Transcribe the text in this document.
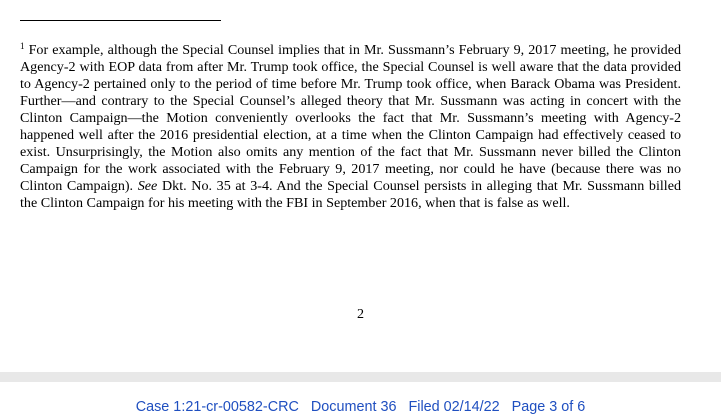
$^1$ For example, although the Special Counsel implies that in Mr. Sussmann’s February 9, 2017 meeting, he provided Agency-2 with EOP data from after Mr. Trump took office, the Special Counsel is well aware that the data provided to Agency-2 pertained only to the period of time before Mr. Trump took office, when Barack Obama was President. Further—and contrary to the Special Counsel’s alleged theory that Mr. Sussmann was acting in concert with the Clinton Campaign—the Motion conveniently overlooks the fact that Mr. Sussmann’s meeting with Agency-2 happened well after the 2016 presidential election, at a time when the Clinton Campaign had effectively ceased to exist. Unsurprisingly, the Motion also omits any mention of the fact that Mr. Sussmann never billed the Clinton Campaign for the work associated with the February 9, 2017 meeting, nor could he have (because there was no Clinton Campaign). See Dkt. No. 35 at 3-4. And the Special Counsel persists in alleging that Mr. Sussmann billed the Clinton Campaign for his meeting with the FBI in September 2016, when that is false as well.

2
Case 1:21-cr-00582-CRC   Document 36   Filed 02/14/22   Page 3 of 6
